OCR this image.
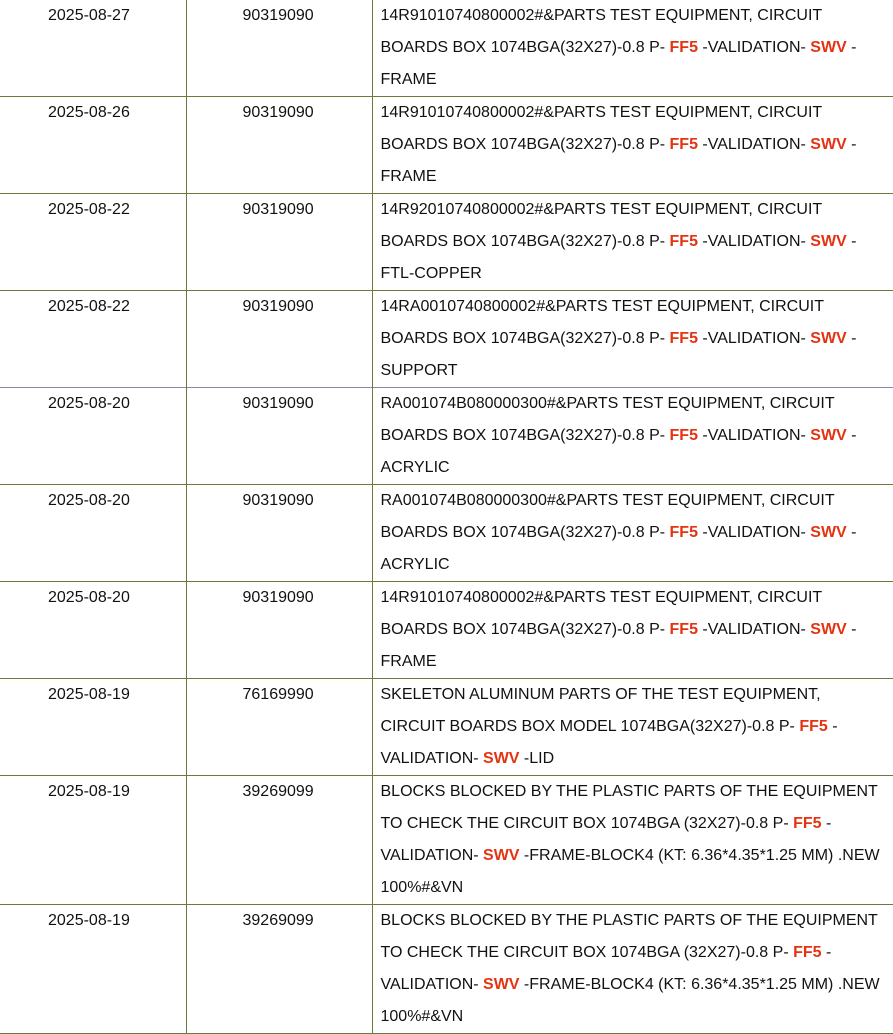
2025-08-27	90319090	14R91010740800002#&PARTS TEST EQUIPMENT, CIRCUIT BOARDS BOX 1074BGA(32X27)-0.8 P- FF5 -VALIDATION- SWV - FRAME
2025-08-26	90319090	14R91010740800002#&PARTS TEST EQUIPMENT, CIRCUIT BOARDS BOX 1074BGA(32X27)-0.8 P- FF5 -VALIDATION- SWV - FRAME
2025-08-22	90319090	14R92010740800002#&PARTS TEST EQUIPMENT, CIRCUIT BOARDS BOX 1074BGA(32X27)-0.8 P- FF5 -VALIDATION- SWV - FTL-COPPER
2025-08-22	90319090	14RA0010740800002#&PARTS TEST EQUIPMENT, CIRCUIT BOARDS BOX 1074BGA(32X27)-0.8 P- FF5 -VALIDATION- SWV - SUPPORT
2025-08-20	90319090	RA001074B080000300#&PARTS TEST EQUIPMENT, CIRCUIT BOARDS BOX 1074BGA(32X27)-0.8 P- FF5 -VALIDATION- SWV - ACRYLIC
2025-08-20	90319090	RA001074B080000300#&PARTS TEST EQUIPMENT, CIRCUIT BOARDS BOX 1074BGA(32X27)-0.8 P- FF5 -VALIDATION- SWV - ACRYLIC
2025-08-20	90319090	14R91010740800002#&PARTS TEST EQUIPMENT, CIRCUIT BOARDS BOX 1074BGA(32X27)-0.8 P- FF5 -VALIDATION- SWV - FRAME
2025-08-19	76169990	SKELETON ALUMINUM PARTS OF THE TEST EQUIPMENT, CIRCUIT BOARDS BOX MODEL 1074BGA(32X27)-0.8 P- FF5 -VALIDATION- SWV -LID
2025-08-19	39269099	BLOCKS BLOCKED BY THE PLASTIC PARTS OF THE EQUIPMENT TO CHECK THE CIRCUIT BOX 1074BGA (32X27)-0.8 P- FF5 - VALIDATION- SWV -FRAME-BLOCK4 (KT: 6.36*4.35*1.25 MM) .NEW 100%#&VN
2025-08-19	39269099	BLOCKS BLOCKED BY THE PLASTIC PARTS OF THE EQUIPMENT TO CHECK THE CIRCUIT BOX 1074BGA (32X27)-0.8 P- FF5 - VALIDATION- SWV -FRAME-BLOCK4 (KT: 6.36*4.35*1.25 MM) .NEW 100%#&VN
